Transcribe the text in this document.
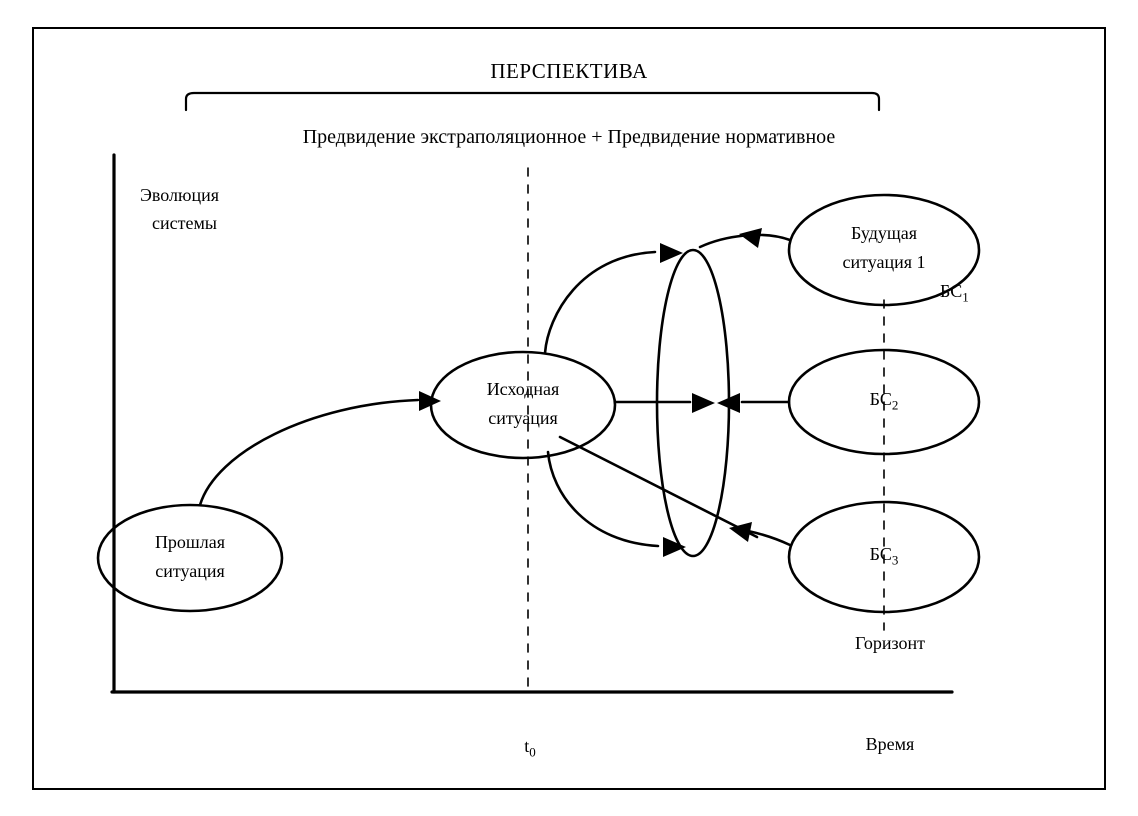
ПЕРСПЕКТИВА
Предвидение экстраполяционное + Предвидение нормативное
Эволюция
системы
Прошлая
ситуация
Исходная
ситуация
Будущая
ситуация 1
$БС_2$
$БС_3$
$БС_1$
Горизонт
$t_0$	Время
